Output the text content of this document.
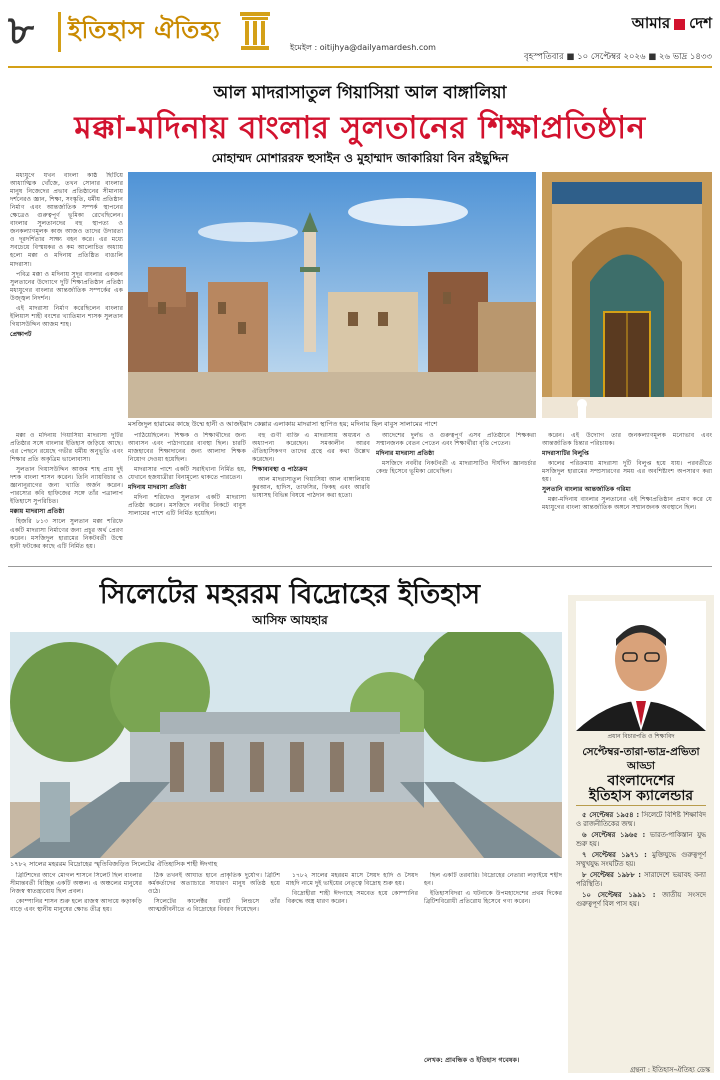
৮	ইতিহাস ঐতিহ্য
ইমেইল : oitijhya@dailyamardesh.com
আমার দেশ
বৃহস্পতিবার ■ ১০ সেপ্টেম্বর ২০২৬ ■ ২৬ ভাদ্র ১৪৩৩
আল মাদরাসাতুল গিয়াসিয়া আল বাঙ্গালিয়া
মক্কা-মদিনায় বাংলার সুলতানের শিক্ষাপ্রতিষ্ঠান
মোহাম্মদ মোশাররফ হুসাইন ও মুহাম্মাদ জাকারিয়া বিন রইছুদ্দিন

মধ্যযুগে যখন বাংলা কাষ্ঠ ছিটিয়ে আধ্যাত্মিক খোঁজে, তখন সোনার বাংলার মানুষ নিজেদের প্রভাব প্রতিষ্ঠানের সীমানায় দর্শনেরও জ্ঞান, শিক্ষা, সংস্কৃতি, ধর্মীয় প্রতিষ্ঠান নির্মাণ এবং আন্তর্জাতিক সম্পর্ক স্থাপনের ক্ষেত্রেও গুরুত্বপূর্ণ ভূমিকা রেখেছিলেন। বাংলার সুলতানদের বহু স্থাপত্য ও জনকল্যাণমূলক কাজ আজও তাদের উদারতা ও দূরদর্শিতার সাক্ষ্য বহন করে। এর মধ্যে সবচেয়ে বিস্ময়কর ও কম আলোচিত অধ্যায় হলো মক্কা ও মদিনায় প্রতিষ্ঠিত বাঙালি মাদরাসা।

পবিত্র মক্কা ও মদিনায় সুদূর বাংলার একজন সুলতানের উদ্যোগে দুটি শিক্ষাপ্রতিষ্ঠান প্রতিষ্ঠা মধ্যযুগের বাংলার আন্তর্জাতিক সম্পর্কের এক উজ্জ্বল নিদর্শন।

এই মাদরাসা নির্মাণ করেছিলেন বাংলার ইলিয়াস শাহী বংশের খ্যাতিমান শাসক সুলতান গিয়াসউদ্দিন আজম শাহ।

প্রেক্ষাপট

মক্কা ও মদিনায় গিয়াসিয়া মাদরাসা দুটির প্রতিষ্ঠার সঙ্গে বাংলার ইতিহাস জড়িয়ে আছে। এর পেছনে রয়েছে গভীর ধর্মীয় অনুভূতি এবং শিক্ষার প্রতি অকৃত্রিম ভালোবাসা।

সুলতান গিয়াসউদ্দিন আজম শাহ প্রায় দুই দশক বাংলা শাসন করেন। তিনি ন্যায়বিচার ও জ্ঞানানুরাগের জন্য খ্যাতি অর্জন করেন। পারস্যের কবি হাফিজের সঙ্গে তাঁর পত্রালাপ ইতিহাসে সুপরিচিত।

মক্কায় মাদরাসা প্রতিষ্ঠা

হিজরি ৮১৩ সালে সুলতান মক্কা শরিফে একটি মাদরাসা নির্মাণের জন্য প্রচুর অর্থ প্রেরণ করেন। মসজিদুল হারামের নিকটবর্তী উম্মে হানী ফটকের কাছে এটি নির্মিত হয়।

মসজিদুল হারামের কাছে উম্মে হানী ও আজইয়াদ কেল্লার এলাকায় মাদরাসা স্থাপিত হয়; মদিনায় ছিল বাবুস সালামের পাশে

পাঠিয়েছিলেন। শিক্ষক ও শিক্ষার্থীদের জন্য আবাসন এবং পাঠাগারের ব্যবস্থা ছিল। চারটি মাজহাবের শিক্ষাদানের জন্য আলাদা শিক্ষক নিয়োগ দেওয়া হয়েছিল।

মাদরাসার পাশে একটি সরাইখানা নির্মিত হয়, যেখানে হজযাত্রীরা বিনামূল্যে থাকতে পারতেন।

মদিনায় মাদরাসা প্রতিষ্ঠা

মদিনা শরিফেও সুলতান একটি মাদরাসা প্রতিষ্ঠা করেন। মসজিদে নববীর নিকটে বাবুস সালামের পাশে এটি নির্মিত হয়েছিল।

বহু গুণী ব্যক্তি এ মাদরাসায় অধ্যয়ন ও অধ্যাপনা করেছেন। সমকালীন আরব ঐতিহাসিকগণ তাদের গ্রন্থে এর কথা উল্লেখ করেছেন।

শিক্ষাব্যবস্থা ও পাঠ্যক্রম

আল মাদরাসাতুল গিয়াসিয়া আল বাঙ্গালিয়ায় কুরআন, হাদিস, তাফসির, ফিকহ এবং আরবি ভাষাসহ বিভিন্ন বিষয়ে পাঠদান করা হতো।

আদেশের দুর্লভ ও গুরুত্বপূর্ণ এসব প্রতিষ্ঠানে শিক্ষকরা সম্মানজনক বেতন পেতেন এবং শিক্ষার্থীরা বৃত্তি পেতেন।

মদিনার মাদরাসা প্রতিষ্ঠা

মসজিদে নববীর নিকটবর্তী এ মাদরাসাটিও দীর্ঘদিন জ্ঞানচর্চার কেন্দ্র হিসেবে ভূমিকা রেখেছিল।

করেন। এই উদ্যোগ তার জনকল্যাণমূলক মনোভাব এবং আন্তর্জাতিক চিন্তার পরিচায়ক।

মাদরাসাটির বিলুপ্তি

কালের পরিক্রমায় মাদরাসা দুটি বিলুপ্ত হয়ে যায়। পরবর্তীতে মসজিদুল হারামের সম্প্রসারণের সময় এর অবশিষ্টাংশ অপসারণ করা হয়।

সুলতানি বাংলার আন্তর্জাতিক গরিমা

মক্কা-মদিনায় বাংলার সুলতানের এই শিক্ষাপ্রতিষ্ঠান প্রমাণ করে যে মধ্যযুগের বাংলা আন্তর্জাতিক অঙ্গনে সম্মানজনক অবস্থানে ছিল।

সিলেটের মহররম বিদ্রোহের ইতিহাস
আসিফ আযহার
১৭৮২ সালের মহররম বিদ্রোহের স্মৃতিবিজড়িত সিলেটের ঐতিহাসিক শাহী ঈদগাহ

ব্রিটিশদের আগে মোগল শাসনে সিলেট ছিল বাংলার সীমান্তবর্তী বিচ্ছিন্ন একটি অঞ্চল। এ অঞ্চলের মানুষের নিজস্ব স্বাতন্ত্র্যবোধ ছিল প্রবল।

কোম্পানির শাসন শুরু হলে রাজস্ব আদায়ে কড়াকড়ি বাড়ে এবং স্থানীয় মানুষের ক্ষোভ তীব্র হয়।

ঠিক তখনই আঘাত হানে প্রাকৃতিক দুর্যোগ। ব্রিটিশ কর্মকর্তাদের অত্যাচারে সাধারণ মানুষ অতিষ্ঠ হয়ে ওঠে।

সিলেটের কালেক্টর রবার্ট লিন্ডসে তাঁর আত্মজীবনীতে এ বিদ্রোহের বিবরণ দিয়েছেন।

১৭৮২ সালের মহররম মাসে সৈয়দ হাদি ও সৈয়দ মাহদি নামে দুই ভাইয়ের নেতৃত্বে বিদ্রোহ শুরু হয়।

বিদ্রোহীরা শাহী ঈদগাহে সমবেত হয়ে কোম্পানির বিরুদ্ধে অস্ত্র ধারণ করেন।

ছিল একটি তরবারি। বিদ্রোহের নেতারা লড়াইয়ে শহীদ হন।

ইতিহাসবিদরা এ ঘটনাকে উপমহাদেশের প্রথম দিকের ব্রিটিশবিরোধী প্রতিরোধ হিসেবে গণ্য করেন।

লেখক: প্রাবন্ধিক ও ইতিহাস গবেষক।
প্রধান বিচারপতি ও শিক্ষাবিদ
সেপ্টেম্বর-তারা-ভাদ্র-প্রভিতা আড্ডা
বাংলাদেশের
ইতিহাস ক্যালেন্ডার

৫ সেপ্টেম্বর ১৯৫৪ : সিলেটে বিশিষ্ট শিক্ষাবিদ ও রাজনীতিকের জন্ম।

৬ সেপ্টেম্বর ১৯৬৫ : ভারত-পাকিস্তান যুদ্ধ শুরু হয়।

৭ সেপ্টেম্বর ১৯৭১ : মুক্তিযুদ্ধে গুরুত্বপূর্ণ সম্মুখযুদ্ধ সংঘটিত হয়।

৮ সেপ্টেম্বর ১৯৮৮ : সারাদেশে ভয়াবহ বন্যা পরিস্থিতি।

১০ সেপ্টেম্বর ১৯৯১ : জাতীয় সংসদে গুরুত্বপূর্ণ বিল পাস হয়।

গ্রন্থনা : ইতিহাস-ঐতিহ্য ডেস্ক
